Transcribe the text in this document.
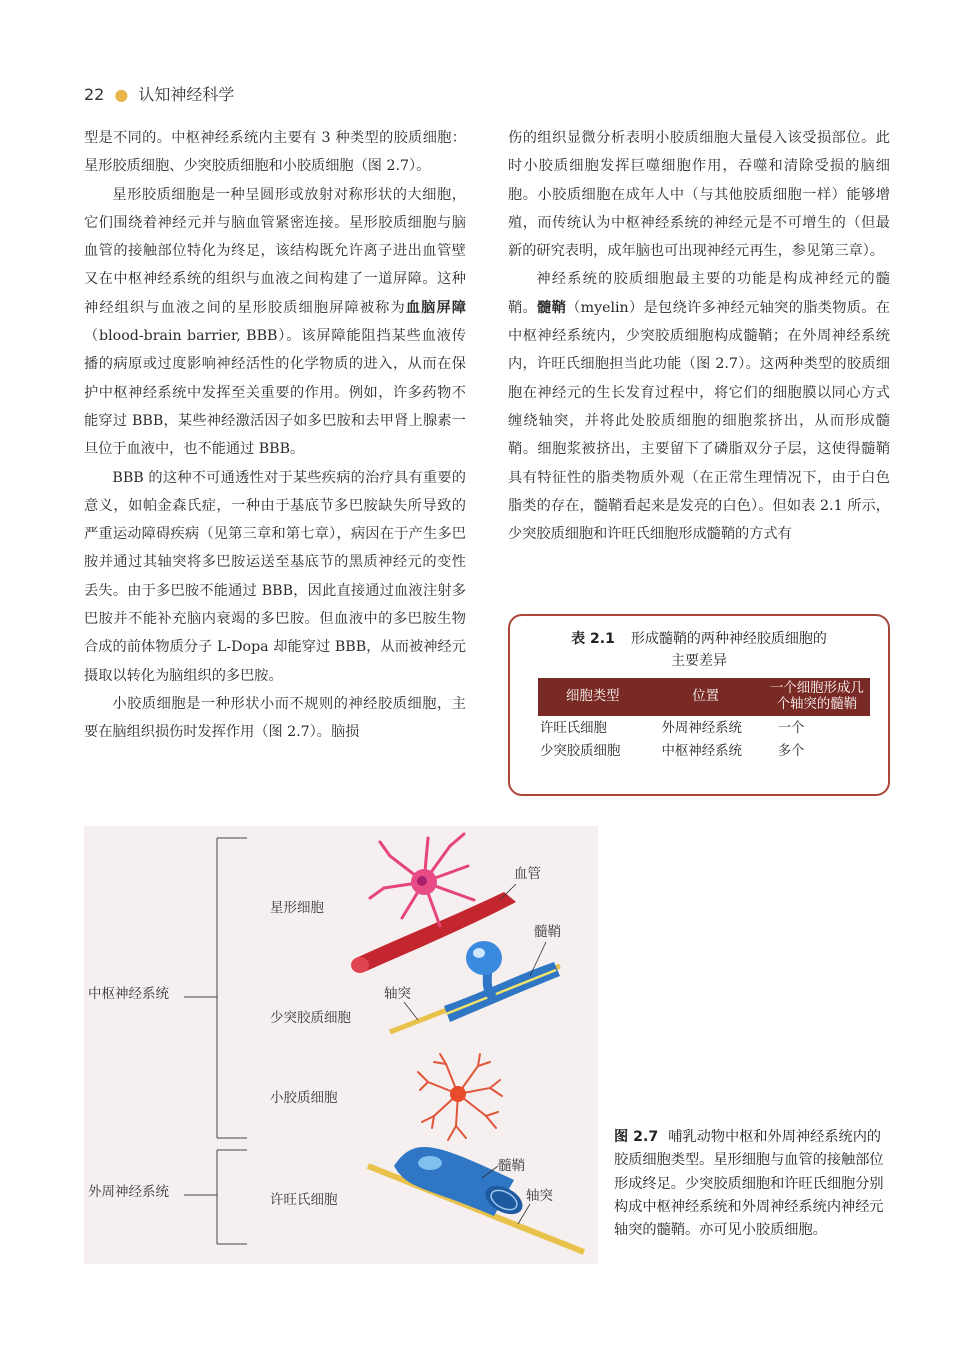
22 ● 认知神经科学

型是不同的。中枢神经系统内主要有 3 种类型的胶质细胞：星形胶质细胞、少突胶质细胞和小胶质细胞（图 2.7）。

星形胶质细胞是一种呈圆形或放射对称形状的大细胞，它们围绕着神经元并与脑血管紧密连接。星形胶质细胞与脑血管的接触部位特化为终足，该结构既允许离子进出血管壁又在中枢神经系统的组织与血液之间构建了一道屏障。这种神经组织与血液之间的星形胶质细胞屏障被称为血脑屏障（blood-brain barrier, BBB）。该屏障能阻挡某些血液传播的病原或过度影响神经活性的化学物质的进入，从而在保护中枢神经系统中发挥至关重要的作用。例如，许多药物不能穿过 BBB，某些神经激活因子如多巴胺和去甲肾上腺素一旦位于血液中，也不能通过 BBB。

BBB 的这种不可通透性对于某些疾病的治疗具有重要的意义，如帕金森氏症，一种由于基底节多巴胺缺失所导致的严重运动障碍疾病（见第三章和第七章），病因在于产生多巴胺并通过其轴突将多巴胺运送至基底节的黑质神经元的变性丢失。由于多巴胺不能通过 BBB，因此直接通过血液注射多巴胺并不能补充脑内衰竭的多巴胺。但血液中的多巴胺生物合成的前体物质分子 L-Dopa 却能穿过 BBB，从而被神经元摄取以转化为脑组织的多巴胺。

小胶质细胞是一种形状小而不规则的神经胶质细胞，主要在脑组织损伤时发挥作用（图 2.7）。脑损

伤的组织显微分析表明小胶质细胞大量侵入该受损部位。此时小胶质细胞发挥巨噬细胞作用，吞噬和清除受损的脑细胞。小胶质细胞在成年人中（与其他胶质细胞一样）能够增殖，而传统认为中枢神经系统的神经元是不可增生的（但最新的研究表明，成年脑也可出现神经元再生，参见第三章）。

神经系统的胶质细胞最主要的功能是构成神经元的髓鞘。髓鞘（myelin）是包绕许多神经元轴突的脂类物质。在中枢神经系统内，少突胶质细胞构成髓鞘；在外周神经系统内，许旺氏细胞担当此功能（图 2.7）。这两种类型的胶质细胞在神经元的生长发育过程中，将它们的细胞膜以同心方式缠绕轴突，并将此处胶质细胞的细胞浆挤出，从而形成髓鞘。细胞浆被挤出，主要留下了磷脂双分子层，这使得髓鞘具有特征性的脂类物质外观（在正常生理情况下，由于白色脂类的存在，髓鞘看起来是发亮的白色）。但如表 2.1 所示，少突胶质细胞和许旺氏细胞形成髓鞘的方式有

表 2.1 形成髓鞘的两种神经胶质细胞的
主要差异
细胞类型	位置	一个细胞形成几个轴突的髓鞘
许旺氏细胞	外周神经系统	一个
少突胶质细胞	中枢神经系统	多个
中枢神经系统
外周神经系统
星形细胞
少突胶质细胞
小胶质细胞
许旺氏细胞
血管
轴突
髓鞘
髓鞘
轴突
图 2.7 哺乳动物中枢和外周神经系统内的胶质细胞类型。星形细胞与血管的接触部位形成终足。少突胶质细胞和许旺氏细胞分别构成中枢神经系统和外周神经系统内神经元轴突的髓鞘。亦可见小胶质细胞。
